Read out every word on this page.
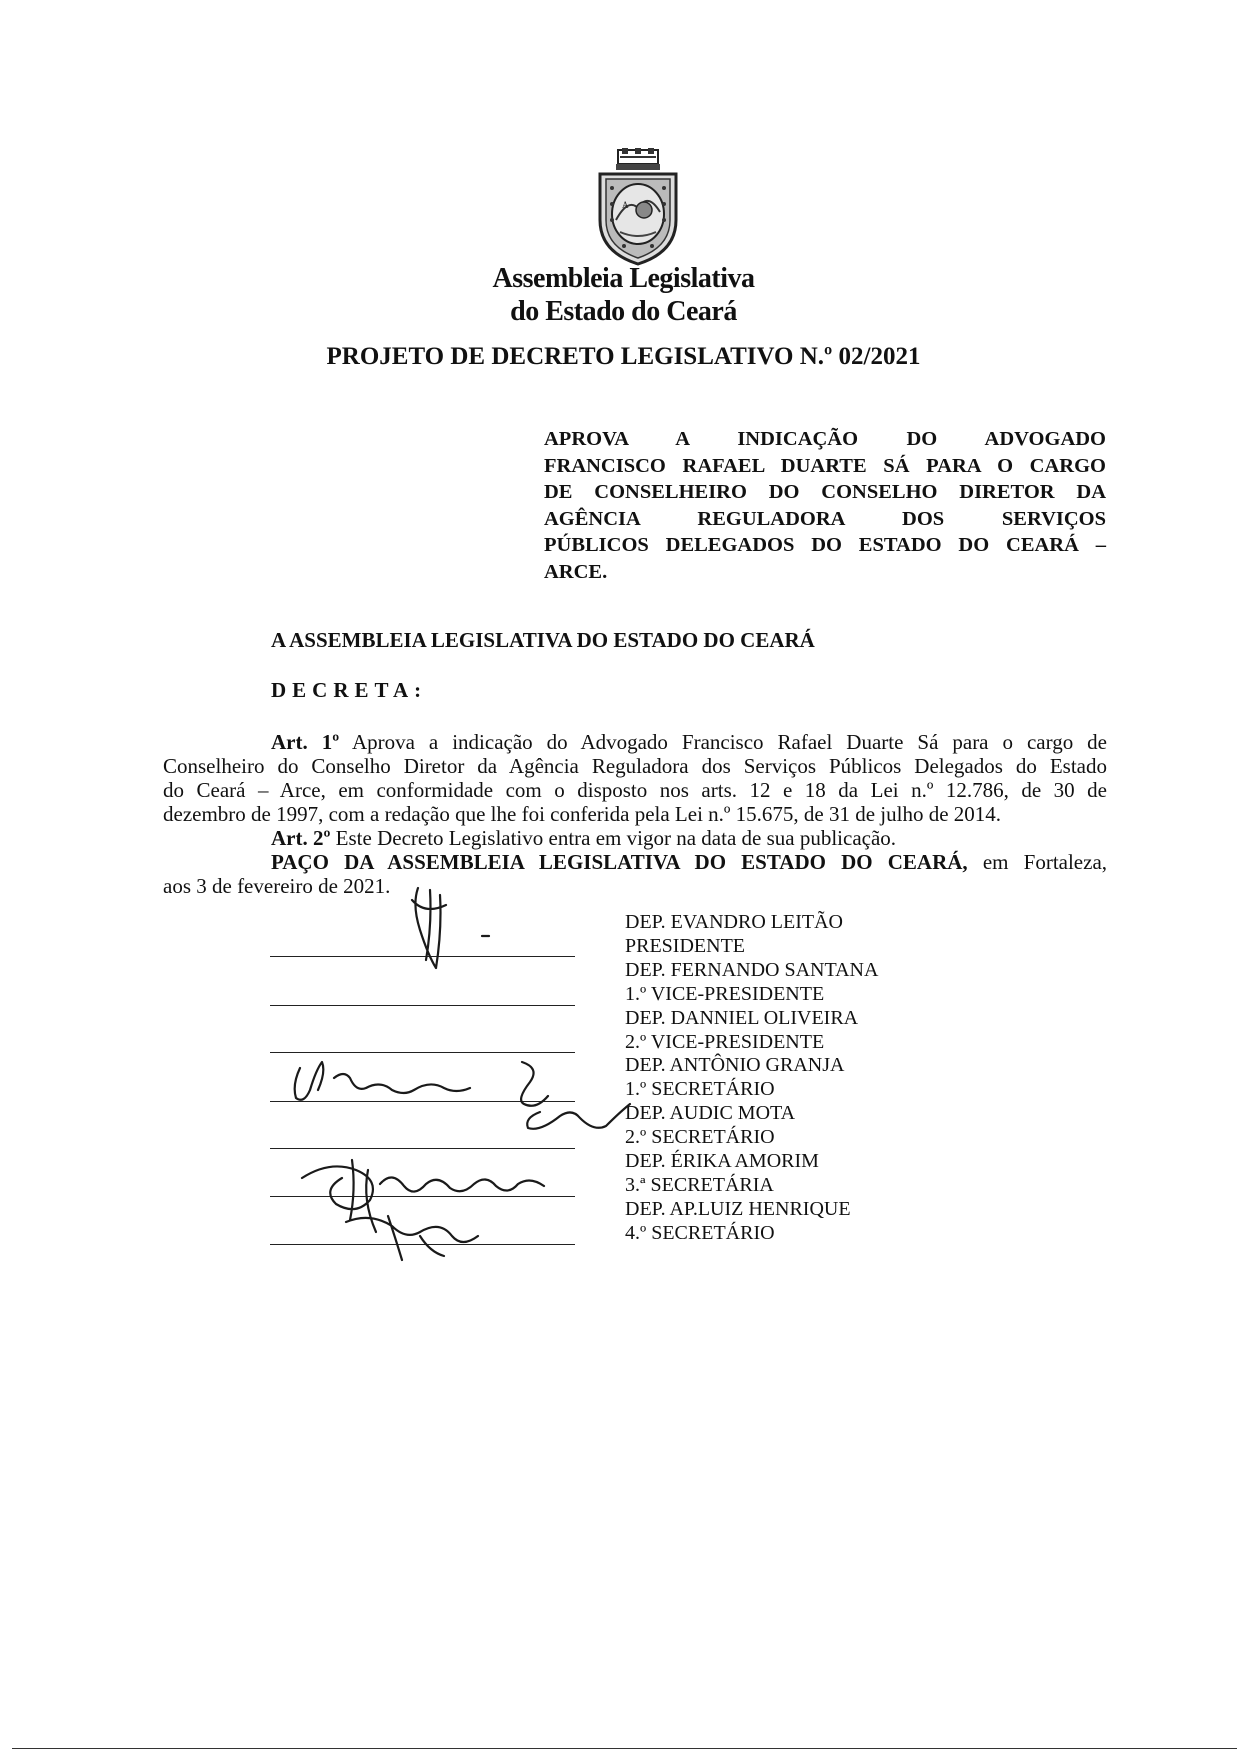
A
Assembleia Legislativa
do Estado do Ceará
PROJETO DE DECRETO LEGISLATIVO N.º 02/2021
APROVA A INDICAÇÃO DO ADVOGADO
FRANCISCO RAFAEL DUARTE SÁ PARA O CARGO
DE CONSELHEIRO DO CONSELHO DIRETOR DA
AGÊNCIA REGULADORA DOS SERVIÇOS
PÚBLICOS DELEGADOS DO ESTADO DO CEARÁ –
ARCE.
A ASSEMBLEIA LEGISLATIVA DO ESTADO DO CEARÁ
DECRETA:
Art. 1º Aprova a indicação do Advogado Francisco Rafael Duarte Sá para o cargo de
Conselheiro do Conselho Diretor da Agência Reguladora dos Serviços Públicos Delegados do Estado
do Ceará – Arce, em conformidade com o disposto nos arts. 12 e 18 da Lei n.º 12.786, de 30 de
dezembro de 1997, com a redação que lhe foi conferida pela Lei n.º 15.675, de 31 de julho de 2014.
Art. 2º Este Decreto Legislativo entra em vigor na data de sua publicação.
PAÇO DA ASSEMBLEIA LEGISLATIVA DO ESTADO DO CEARÁ, em Fortaleza,
aos 3 de fevereiro de 2021.
DEP. EVANDRO LEITÃO
PRESIDENTE
DEP. FERNANDO SANTANA
1.º VICE-PRESIDENTE
DEP. DANNIEL OLIVEIRA
2.º VICE-PRESIDENTE
DEP. ANTÔNIO GRANJA
1.º SECRETÁRIO
DEP. AUDIC MOTA
2.º SECRETÁRIO
DEP. ÉRIKA AMORIM
3.ª SECRETÁRIA
DEP. AP.LUIZ HENRIQUE
4.º SECRETÁRIO
